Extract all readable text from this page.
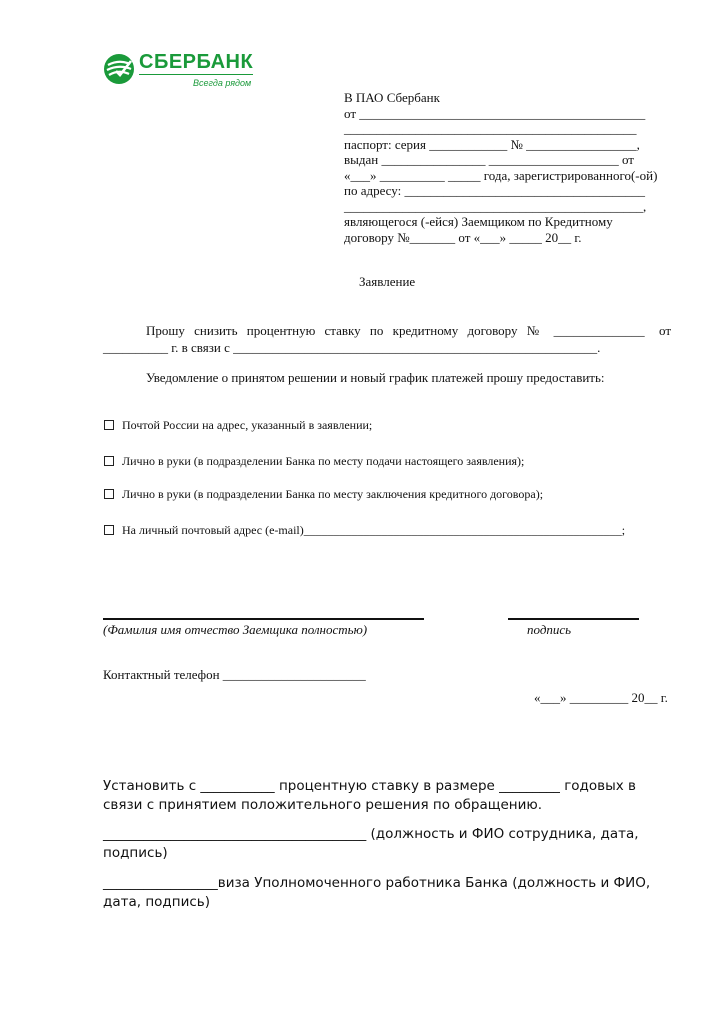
СБЕРБАНК
Всегда рядом
В ПАО Сбербанк
от ____________________________________________
_____________________________________________
паспорт: серия ____________ № _________________,
выдан ________________ ____________________ от
«___» __________ _____ года, зарегистрированного(-ой)
по адресу: _____________________________________
______________________________________________,
являющегося (-ейся) Заемщиком по Кредитному
договору №_______ от «___» _____ 20__ г.
Заявление
Прошу снизить процентную ставку по кредитному договору № ______________ от
__________ г. в связи с ________________________________________________________.
Уведомление о принятом решении и новый график платежей прошу предоставить:
Почтой России на адрес, указанный в заявлении;
Лично в руки (в подразделении Банка по месту подачи настоящего заявления);
Лично в руки (в подразделении Банка по месту заключения кредитного договора);
На личный почтовый адрес (e-mail)_____________________________________________________;
(Фамилия имя отчество Заемщика полностью)	подпись
Контактный телефон ______________________
«___» _________ 20__ г.
Установить с ___________ процентную ставку в размере _________ годовых в связи с принятием положительного решения по обращению.
_______________________________________ (должность и ФИО сотрудника, дата, подпись)
_________________виза Уполномоченного работника Банка (должность и ФИО, дата, подпись)
